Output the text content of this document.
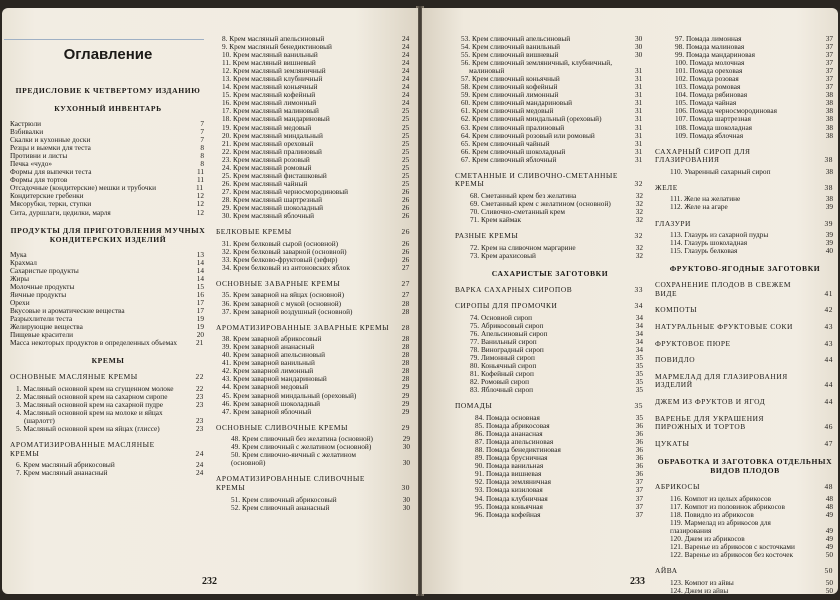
Оглавление
ПРЕДИСЛОВИЕ К ЧЕТВЕРТОМУ ИЗДАНИЮ
КУХОННЫЙ ИНВЕНТАРЬ
Кастрюли	7
Взбивалки	7
Скалки и кухонные доски	7
Резцы и выемки для теста	8
Противни и листы	8
Печка «чудо»	8
Формы для выпечки теста	11
Формы для тортов	11
Отсадочные (кондитерские) мешки и трубочки	11
Кондитерские гребенки	12
Мясорубки, терки, ступки	12
Сита, дуршлаги, цедилки, марля	12
ПРОДУКТЫ ДЛЯ ПРИГОТОВЛЕНИЯ МУЧНЫХ КОНДИТЕРСКИХ ИЗДЕЛИЙ
Мука	13
Крахмал	14
Сахаристые продукты	14
Жиры	14
Молочные продукты	15
Яичные продукты	16
Орехи	17
Вкусовые и ароматические вещества	17
Разрыхлители теста	19
Желирующие вещества	19
Пищевые красители	20
Масса некоторых продуктов в определенных объемах	21
КРЕМЫ
ОСНОВНЫЕ МАСЛЯНЫЕ КРЕМЫ	22
1. Масляный основной крем на сгущенном молоке	22
2. Масляный основной крем на сахарном сиропе	23
3. Масляный основной крем на сахарной пудре	23
4. Масляный основной крем на молоке и яйцах (шарлотт)	23
5. Масляный основной крем на яйцах (глиссе)	23
АРОМАТИЗИРОВАННЫЕ МАСЛЯНЫЕ КРЕМЫ	24
6. Крем масляный абрикосовый	24
7. Крем масляный ананасный	24
8. Крем масляный апельсиновый	24
9. Крем масляный бенедиктиновый	24
10. Крем масляный ванильный	24
11. Крем масляный вишневый	24
12. Крем масляный земляничный	24
13. Крем масляный клубничный	24
14. Крем масляный коньячный	24
15. Крем масляный кофейный	24
16. Крем масляный лимонный	24
17. Крем масляный малиновый	25
18. Крем масляный мандариновый	25
19. Крем масляный медовый	25
20. Крем масляный миндальный	25
21. Крем масляный ореховый	25
22. Крем масляный пралиновый	25
23. Крем масляный розовый	25
24. Крем масляный ромовый	25
25. Крем масляный фисташковый	25
26. Крем масляный чайный	25
27. Крем масляный черносмородиновый	26
28. Крем масляный шартрезный	26
29. Крем масляный шоколадный	26
30. Крем масляный яблочный	26
БЕЛКОВЫЕ КРЕМЫ	26
31. Крем белковый сырой (основной)	26
32. Крем белковый заварной (основной)	26
33. Крем белково-фруктовый (зефир)	26
34. Крем белковый из антоновских яблок	27
ОСНОВНЫЕ ЗАВАРНЫЕ КРЕМЫ	27
35. Крем заварной на яйцах (основной)	27
36. Крем заварной с мукой (основной)	28
37. Крем заварной воздушный (основной)	28
АРОМАТИЗИРОВАННЫЕ ЗАВАРНЫЕ КРЕМЫ 28
38. Крем заварной абрикосовый	28
39. Крем заварной ананасный	28
40. Крем заварной апельсиновый	28
41. Крем заварной ванильный	28
42. Крем заварной лимонный	28
43. Крем заварной мандариновый	28
44. Крем заварной медовый	29
45. Крем заварной миндальный (ореховый)	29
46. Крем заварной шоколадный	29
47. Крем заварной яблочный	29
ОСНОВНЫЕ СЛИВОЧНЫЕ КРЕМЫ	29
48. Крем сливочный без желатина (основной)	29
49. Крем сливочный с желатином (основной)	30
50. Крем сливочно-яичный с желатином (основной)	30
АРОМАТИЗИРОВАННЫЕ СЛИВОЧНЫЕ КРЕМЫ	30
51. Крем сливочный абрикосовый	30
52. Крем сливочный ананасный	30
232
53. Крем сливочный апельсиновый	30
54. Крем сливочный ванильный	30
55. Крем сливочный вишневый	30
56. Крем сливочный земляничный, клубничный, малиновый	31
57. Крем сливочный коньячный	31
58. Крем сливочный кофейный	31
59. Крем сливочный лимонный	31
60. Крем сливочный мандариновый	31
61. Крем сливочный медовый	31
62. Крем сливочный миндальный (ореховый)	31
63. Крем сливочный пралиновый	31
64. Крем сливочный розовый или ромовый	31
65. Крем сливочный чайный	31
66. Крем сливочный шоколадный	31
67. Крем сливочный яблочный	31
СМЕТАННЫЕ И СЛИВОЧНО-СМЕТАННЫЕ КРЕМЫ	32
68. Сметанный крем без желатина	32
69. Сметанный крем с желатином (основной)	32
70. Сливочно-сметанный крем	32
71. Крем каймак	32
РАЗНЫЕ КРЕМЫ	32
72. Крем на сливочном маргарине	32
73. Крем арахисовый	32
САХАРИСТЫЕ ЗАГОТОВКИ
ВАРКА САХАРНЫХ СИРОПОВ	33
СИРОПЫ ДЛЯ ПРОМОЧКИ	34
74. Основной сироп	34
75. Абрикосовый сироп	34
76. Апельсиновый сироп	34
77. Ванильный сироп	34
78. Виноградный сироп	34
79. Лимонный сироп	35
80. Коньячный сироп	35
81. Кофейный сироп	35
82. Ромовый сироп	35
83. Яблочный сироп	35
ПОМАДЫ	35
84. Помада основная	35
85. Помада абрикосовая	36
86. Помада ананасная	36
87. Помада апельсиновая	36
88. Помада бенедиктиновая	36
89. Помада брусничная	36
90. Помада ванильная	36
91. Помада вишневая	36
92. Помада земляничная	37
93. Помада кизиловая	37
94. Помада клубничная	37
95. Помада коньячная	37
96. Помада кофейная	37
97. Помада лимонная	37
98. Помада малиновая	37
99. Помада мандариновая	37
100. Помада молочная	37
101. Помада ореховая	37
102. Помада розовая	37
103. Помада ромовая	37
104. Помада рябиновая	38
105. Помада чайная	38
106. Помада черносмородиновая	38
107. Помада шартрезная	38
108. Помада шоколадная	38
109. Помада яблочная	38
САХАРНЫЙ СИРОП ДЛЯ ГЛАЗИРОВАНИЯ	38
110. Уваренный сахарный сироп	38
ЖЕЛЕ	38
111. Желе на желатине	38
112. Желе на агаре	39
ГЛАЗУРИ	39
113. Глазурь из сахарной пудры	39
114. Глазурь шоколадная	39
115. Глазурь белковая	40
ФРУКТОВО-ЯГОДНЫЕ ЗАГОТОВКИ
СОХРАНЕНИЕ ПЛОДОВ В СВЕЖЕМ ВИДЕ	41
КОМПОТЫ	42
НАТУРАЛЬНЫЕ ФРУКТОВЫЕ СОКИ	43
ФРУКТОВОЕ ПЮРЕ	43
ПОВИДЛО	44
МАРМЕЛАД ДЛЯ ГЛАЗИРОВАНИЯ ИЗДЕЛИЙ	44
ДЖЕМ ИЗ ФРУКТОВ И ЯГОД	44
ВАРЕНЬЕ ДЛЯ УКРАШЕНИЯ ПИРОЖНЫХ И ТОРТОВ	46
ЦУКАТЫ	47
ОБРАБОТКА И ЗАГОТОВКА ОТДЕЛЬНЫХ ВИДОВ ПЛОДОВ
АБРИКОСЫ	48
116. Компот из целых абрикосов	48
117. Компот из половинок абрикосов	48
118. Повидло из абрикосов	49
119. Мармелад из абрикосов для глазирования	49
120. Джем из абрикосов	49
121. Варенье из абрикосов с косточками	49
122. Варенье из абрикосов без косточек	50
АЙВА	50
123. Компот из айвы	50
124. Джем из айвы	50
233
